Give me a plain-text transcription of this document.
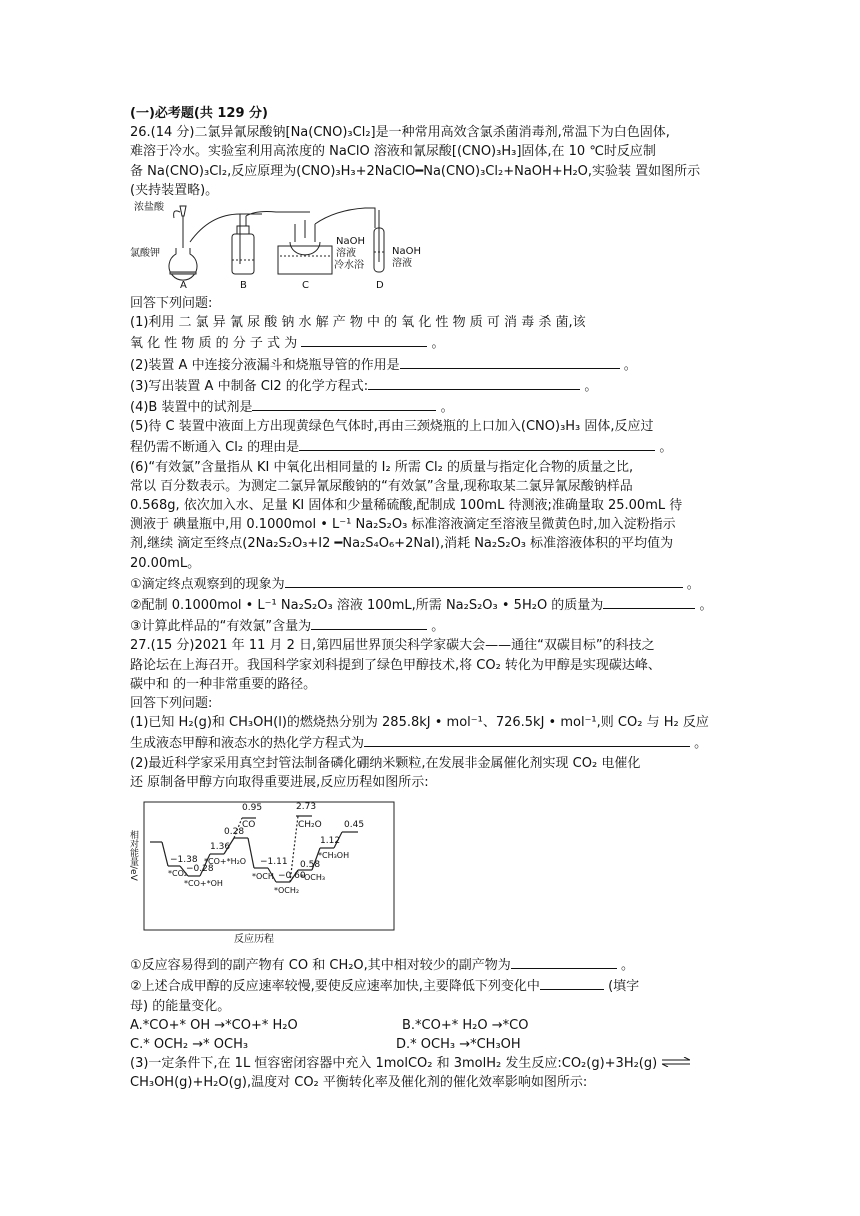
(一)必考题(共 129 分)
26.(14 分)二氯异氰尿酸钠[Na(CNO)₃Cl₂]是一种常用高效含氯杀菌消毒剂,常温下为白色固体,
难溶于冷水。实验室利用高浓度的 NaClO 溶液和氰尿酸[(CNO)₃H₃]固体,在 10 ℃时反应制
备 Na(CNO)₃Cl₂,反应原理为(CNO)₃H₃+2NaClO━Na(CNO)₃Cl₂+NaOH+H₂O,实验装 置如图所示
(夹持装置略)。
浓盐酸
氯酸钾
NaOH
溶液
冷水浴
NaOH
溶液
A	B	C	D
回答下列问题:
(1)利用 二 氯 异 氰 尿 酸 钠 水 解 产 物 中 的 氧 化 性 物 质 可 消 毒 杀 菌,该
氧 化 性 物 质 的 分 子 式 为	。
(2)装置 A 中连接分液漏斗和烧瓶导管的作用是	。
(3)写出装置 A 中制备 Cl2 的化学方程式:	。
(4)B 装置中的试剂是	。
(5)待 C 装置中液面上方出现黄绿色气体时,再由三颈烧瓶的上口加入(CNO)₃H₃ 固体,反应过
程仍需不断通入 Cl₂ 的理由是	。
(6)“有效氯”含量指从 KI 中氧化出相同量的 I₂ 所需 Cl₂ 的质量与指定化合物的质量之比,
常以 百分数表示。为测定二氯异氰尿酸钠的“有效氯”含量,现称取某二氯异氰尿酸钠样品
0.568g, 依次加入水、足量 KI 固体和少量稀硫酸,配制成 100mL 待测液;准确量取 25.00mL 待
测液于 碘量瓶中,用 0.1000mol • L⁻¹ Na₂S₂O₃ 标准溶液滴定至溶液呈微黄色时,加入淀粉指示
剂,继续 滴定至终点(2Na₂S₂O₃+I2 ━Na₂S₄O₆+2NaI),消耗 Na₂S₂O₃ 标准溶液体积的平均值为
20.00mL。
①滴定终点观察到的现象为	。
②配制 0.1000mol • L⁻¹ Na₂S₂O₃ 溶液 100mL,所需 Na₂S₂O₃ • 5H₂O 的质量为	。
③计算此样品的“有效氯”含量为	。
27.(15 分)2021 年 11 月 2 日,第四届世界顶尖科学家碳大会——通往“双碳目标”的科技之
路论坛在上海召开。我国科学家刘科提到了绿色甲醇技术,将 CO₂ 转化为甲醇是实现碳达峰、
碳中和 的一种非常重要的路径。
回答下列问题:
(1)已知 H₂(g)和 CH₃OH(l)的燃烧热分别为 285.8kJ • mol⁻¹、726.5kJ • mol⁻¹,则 CO₂ 与 H₂ 反应
生成液态甲醇和液态水的热化学方程式为	。
(2)最近科学家采用真空封管法制备磷化硼纳米颗粒,在发展非金属催化剂实现 CO₂ 电催化
还 原制备甲醇方向取得重要进展,反应历程如图所示:
相对能量/eV
反应历程
0.95
CO
2.73
CH₂O 0.45
0.28
1.36
*CO+*H₂O
1.12
*CH₃OH
−1.11 0.58
−1.38
*CO₂
−0.28
*CO+*OH
*OCH −0.60
*OCH₃
*OCH₂
①反应容易得到的副产物有 CO 和 CH₂O,其中相对较少的副产物为	。
②上述合成甲醇的反应速率较慢,要使反应速率加快,主要降低下列变化中	(填字
母) 的能量变化。
A.*CO+* OH →*CO+* H₂O	B.*CO+* H₂O →*CO
C.* OCH₂ →* OCH₃	D.* OCH₃ →*CH₃OH
(3)一定条件下,在 1L 恒容密闭容器中充入 1molCO₂ 和 3molH₂ 发生反应:CO₂(g)+3H₂(g) ⇌
CH₃OH(g)+H₂O(g),温度对 CO₂ 平衡转化率及催化剂的催化效率影响如图所示:
